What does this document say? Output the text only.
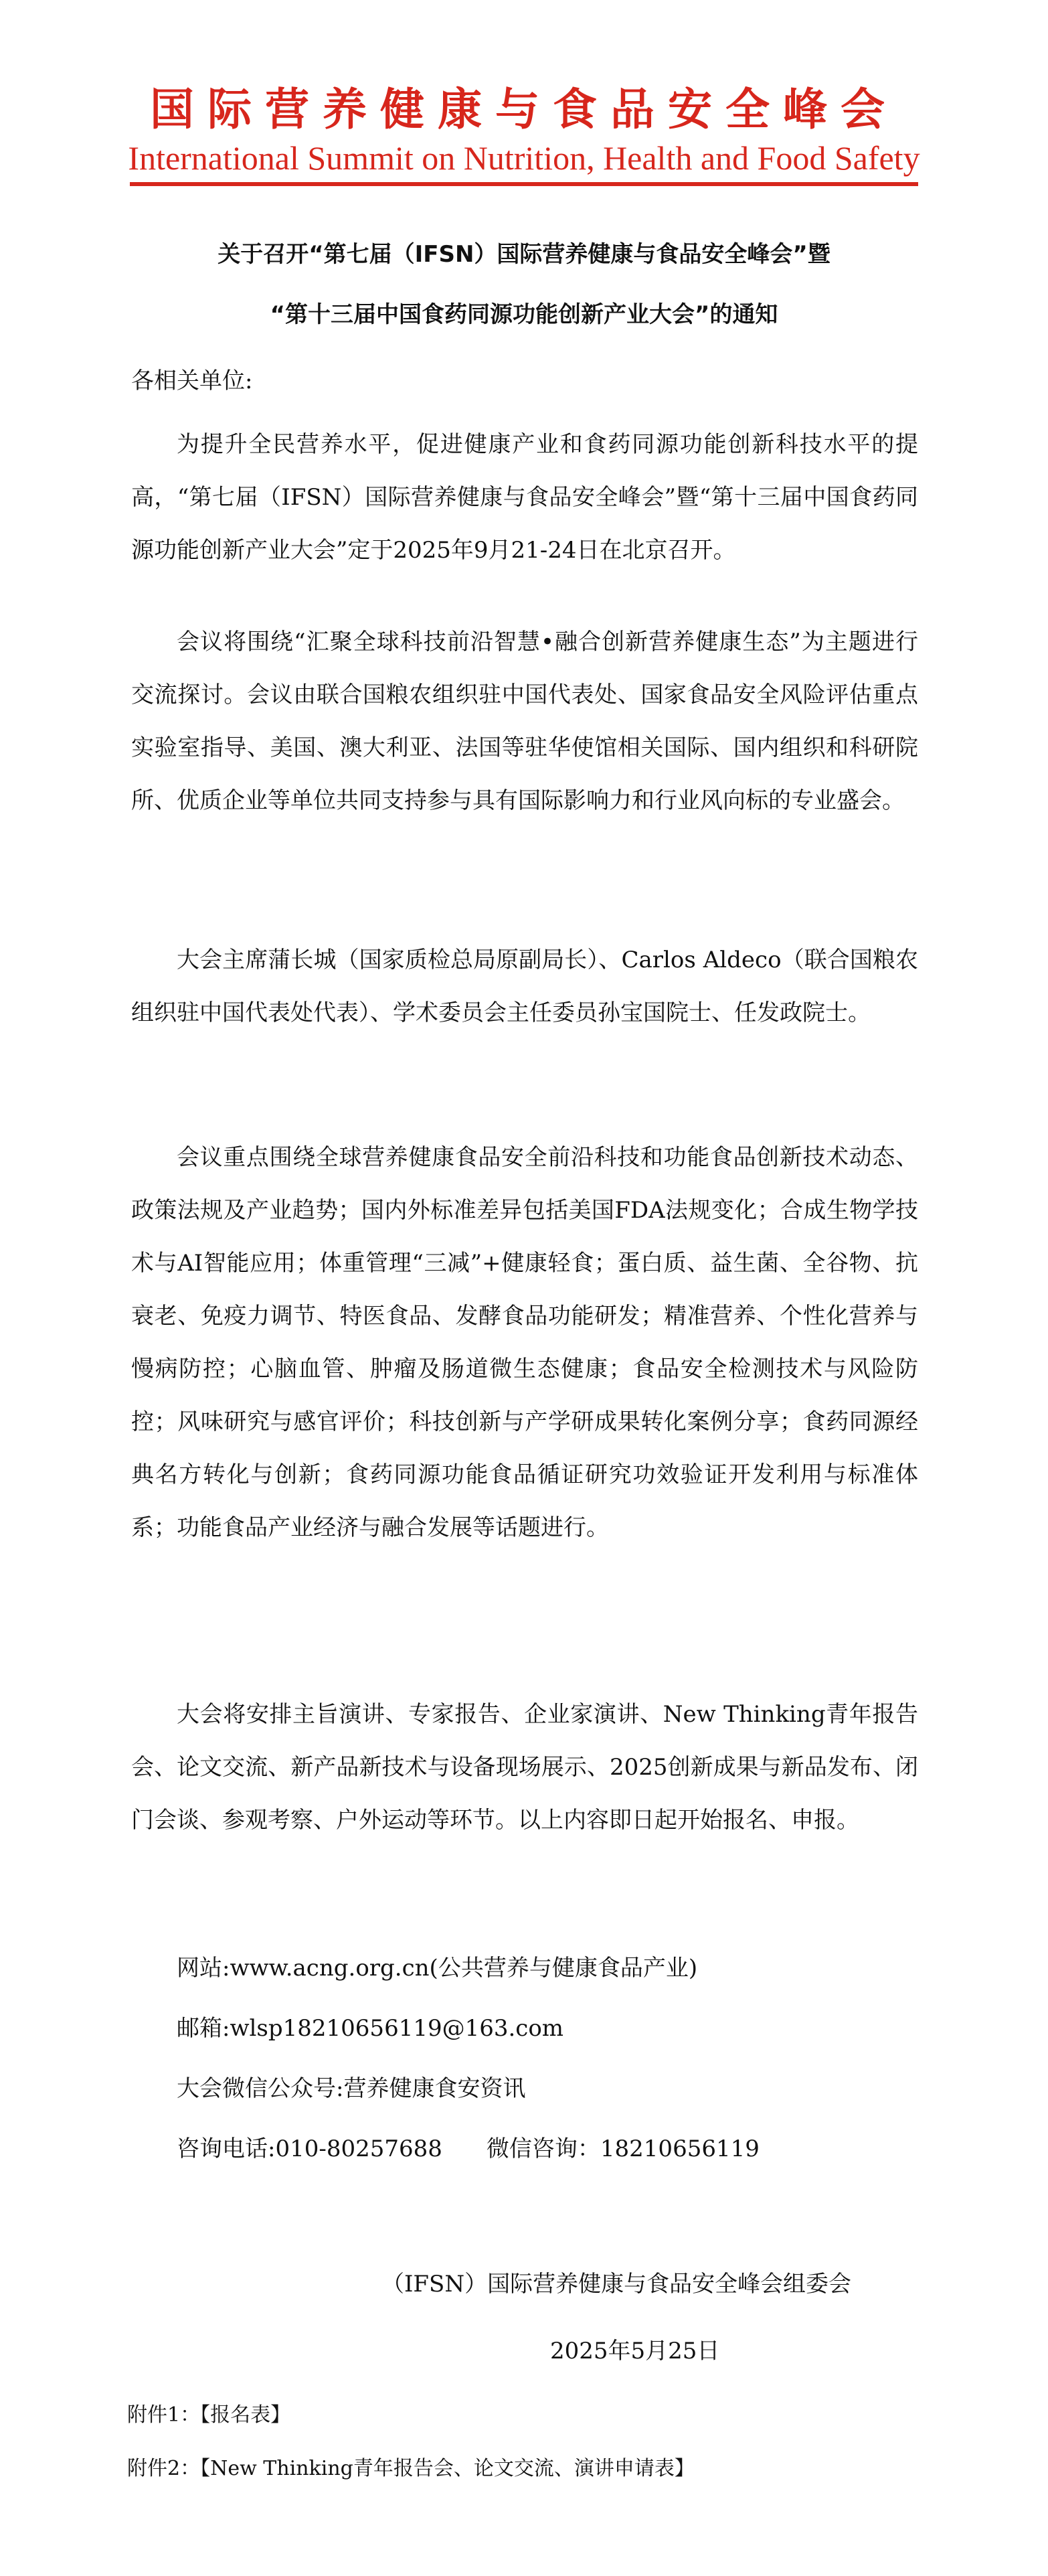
国际营养健康与食品安全峰会
International Summit on Nutrition, Health and Food Safety
关于召开“第七届（IFSN）国际营养健康与食品安全峰会”暨
“第十三届中国食药同源功能创新产业大会”的通知
各相关单位:

为提升全民营养水平，促进健康产业和食药同源功能创新科技水平的提高，“第七届（IFSN）国际营养健康与食品安全峰会”暨“第十三届中国食药同源功能创新产业大会”定于2025年9月21-24日在北京召开。

会议将围绕“汇聚全球科技前沿智慧•融合创新营养健康生态”为主题进行交流探讨。会议由联合国粮农组织驻中国代表处、国家食品安全风险评估重点实验室指导、美国、澳大利亚、法国等驻华使馆相关国际、国内组织和科研院所、优质企业等单位共同支持参与具有国际影响力和行业风向标的专业盛会。

大会主席蒲长城（国家质检总局原副局长）、Carlos Aldeco（联合国粮农组织驻中国代表处代表）、学术委员会主任委员孙宝国院士、任发政院士。

会议重点围绕全球营养健康食品安全前沿科技和功能食品创新技术动态、政策法规及产业趋势；国内外标准差异包括美国FDA法规变化；合成生物学技术与AI智能应用；体重管理“三减”+健康轻食；蛋白质、益生菌、全谷物、抗衰老、免疫力调节、特医食品、发酵食品功能研发；精准营养、个性化营养与慢病防控；心脑血管、肿瘤及肠道微生态健康；食品安全检测技术与风险防控；风味研究与感官评价；科技创新与产学研成果转化案例分享；食药同源经典名方转化与创新；食药同源功能食品循证研究功效验证开发利用与标准体系；功能食品产业经济与融合发展等话题进行。

大会将安排主旨演讲、专家报告、企业家演讲、New Thinking青年报告会、论文交流、新产品新技术与设备现场展示、2025创新成果与新品发布、闭门会谈、参观考察、户外运动等环节。以上内容即日起开始报名、申报。

网站:www.acng.org.cn(公共营养与健康食品产业)
邮箱:wlsp18210656119@163.com
大会微信公众号:营养健康食安资讯
咨询电话:010-80257688 微信咨询：18210656119
（IFSN）国际营养健康与食品安全峰会组委会
2025年5月25日
附件1：【报名表】
附件2：【New Thinking青年报告会、论文交流、演讲申请表】
